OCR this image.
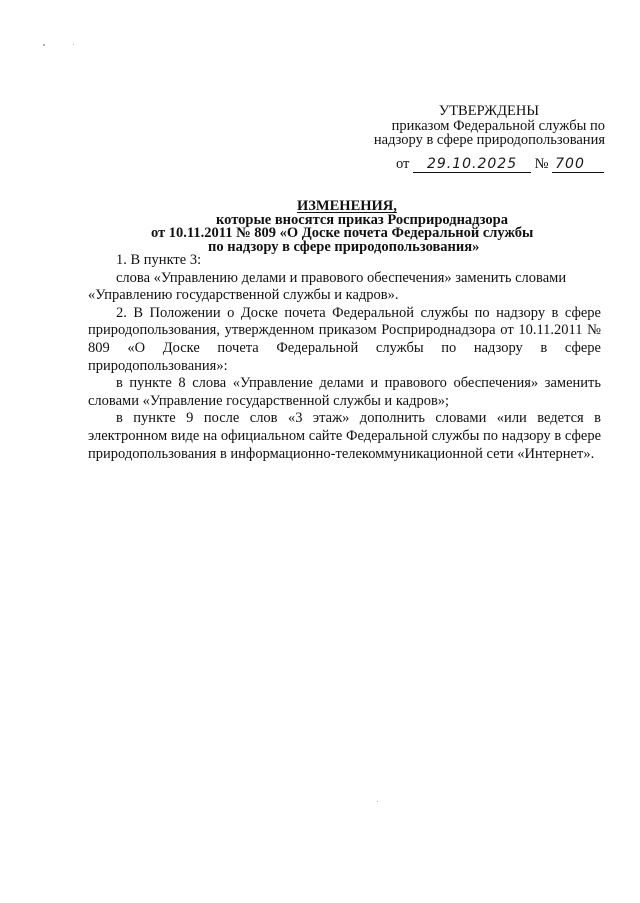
УТВЕРЖДЕНЫ
приказом Федеральной службы по
надзору в сфере природопользования
от 29.10.2025 № 700
ИЗМЕНЕНИЯ,
которые вносятся приказ Росприроднадзора
от 10.11.2011 № 809 «О Доске почета Федеральной службы
по надзору в сфере природопользования»

1. В пункте 3:

слова «Управлению делами и правового обеспечения» заменить словами

«Управлению государственной службы и кадров».

2. В Положении о Доске почета Федеральной службы по надзору в сфере природопользования, утвержденном приказом Росприроднадзора от 10.11.2011 № 809 «О Доске почета Федеральной службы по надзору в сфере природопользования»:

в пункте 8 слова «Управление делами и правового обеспечения» заменить словами «Управление государственной службы и кадров»;

в пункте 9 после слов «3 этаж» дополнить словами «или ведется в электронном виде на официальном сайте Федеральной службы по надзору в сфере природопользования в информационно-телекоммуникационной сети «Интернет».
